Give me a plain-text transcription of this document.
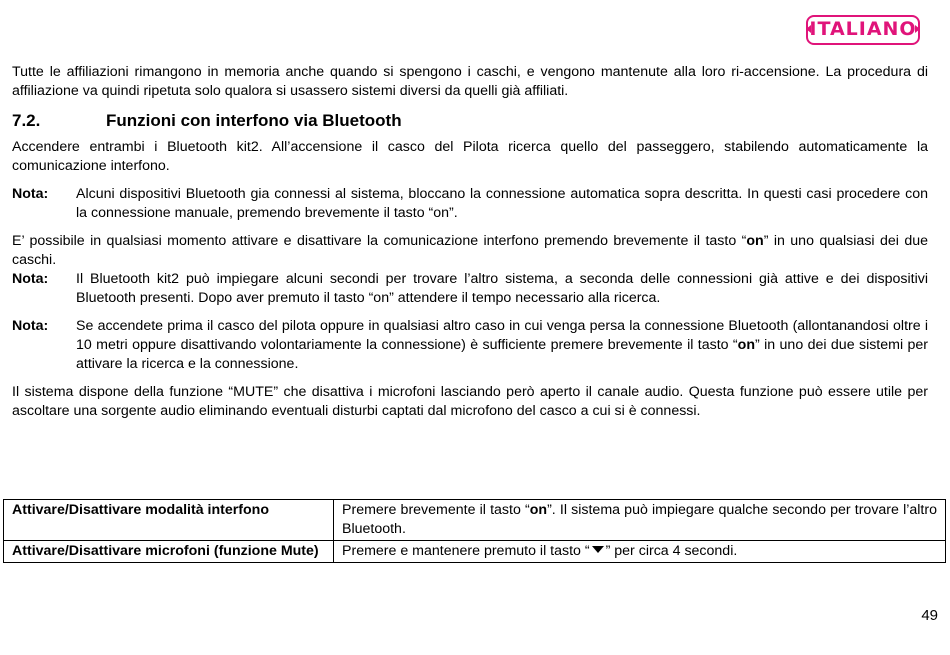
ITALIANO

Tutte le affiliazioni rimangono in memoria anche quando si spengono i caschi, e vengono mantenute alla loro ri-accensione. La procedura di affiliazione va quindi ripetuta solo qualora si usassero sistemi diversi da quelli già affiliati.

7.2.	Funzioni con interfono via Bluetooth

Accendere entrambi i Bluetooth kit2. All’accensione il casco del Pilota ricerca quello del passeggero, stabilendo automaticamente la comunicazione interfono.

Nota:	Alcuni dispositivi Bluetooth gia connessi al sistema, bloccano la connessione automatica sopra descritta. In questi casi procedere con la connessione manuale, premendo brevemente il tasto “on”.

E’ possibile in qualsiasi momento attivare e disattivare la comunicazione interfono premendo brevemente il tasto “on” in uno qualsiasi dei due caschi.

Nota:	Il Bluetooth kit2 può impiegare alcuni secondi per trovare l’altro sistema, a seconda delle connessioni già attive e dei dispositivi Bluetooth presenti. Dopo aver premuto il tasto “on” attendere il tempo necessario alla ricerca.
Nota:	Se accendete prima il casco del pilota oppure in qualsiasi altro caso in cui venga persa la connessione Bluetooth (allontanandosi oltre i 10 metri oppure disattivando volontariamente la connessione) è sufficiente premere brevemente il tasto “on” in uno dei due sistemi per attivare la ricerca e la connessione.

Il sistema dispone della funzione “MUTE” che disattiva i microfoni lasciando però aperto il canale audio. Questa funzione può essere utile per ascoltare una sorgente audio eliminando eventuali disturbi captati dal microfono del casco a cui si è connessi.

Attivare/Disattivare modalità interfono	Premere brevemente il tasto “on”. Il sistema può impiegare qualche secondo per trovare l’altro Bluetooth.
Attivare/Disattivare microfoni (funzione Mute)	Premere e mantenere premuto il tasto “ ” per circa 4 secondi.
49
